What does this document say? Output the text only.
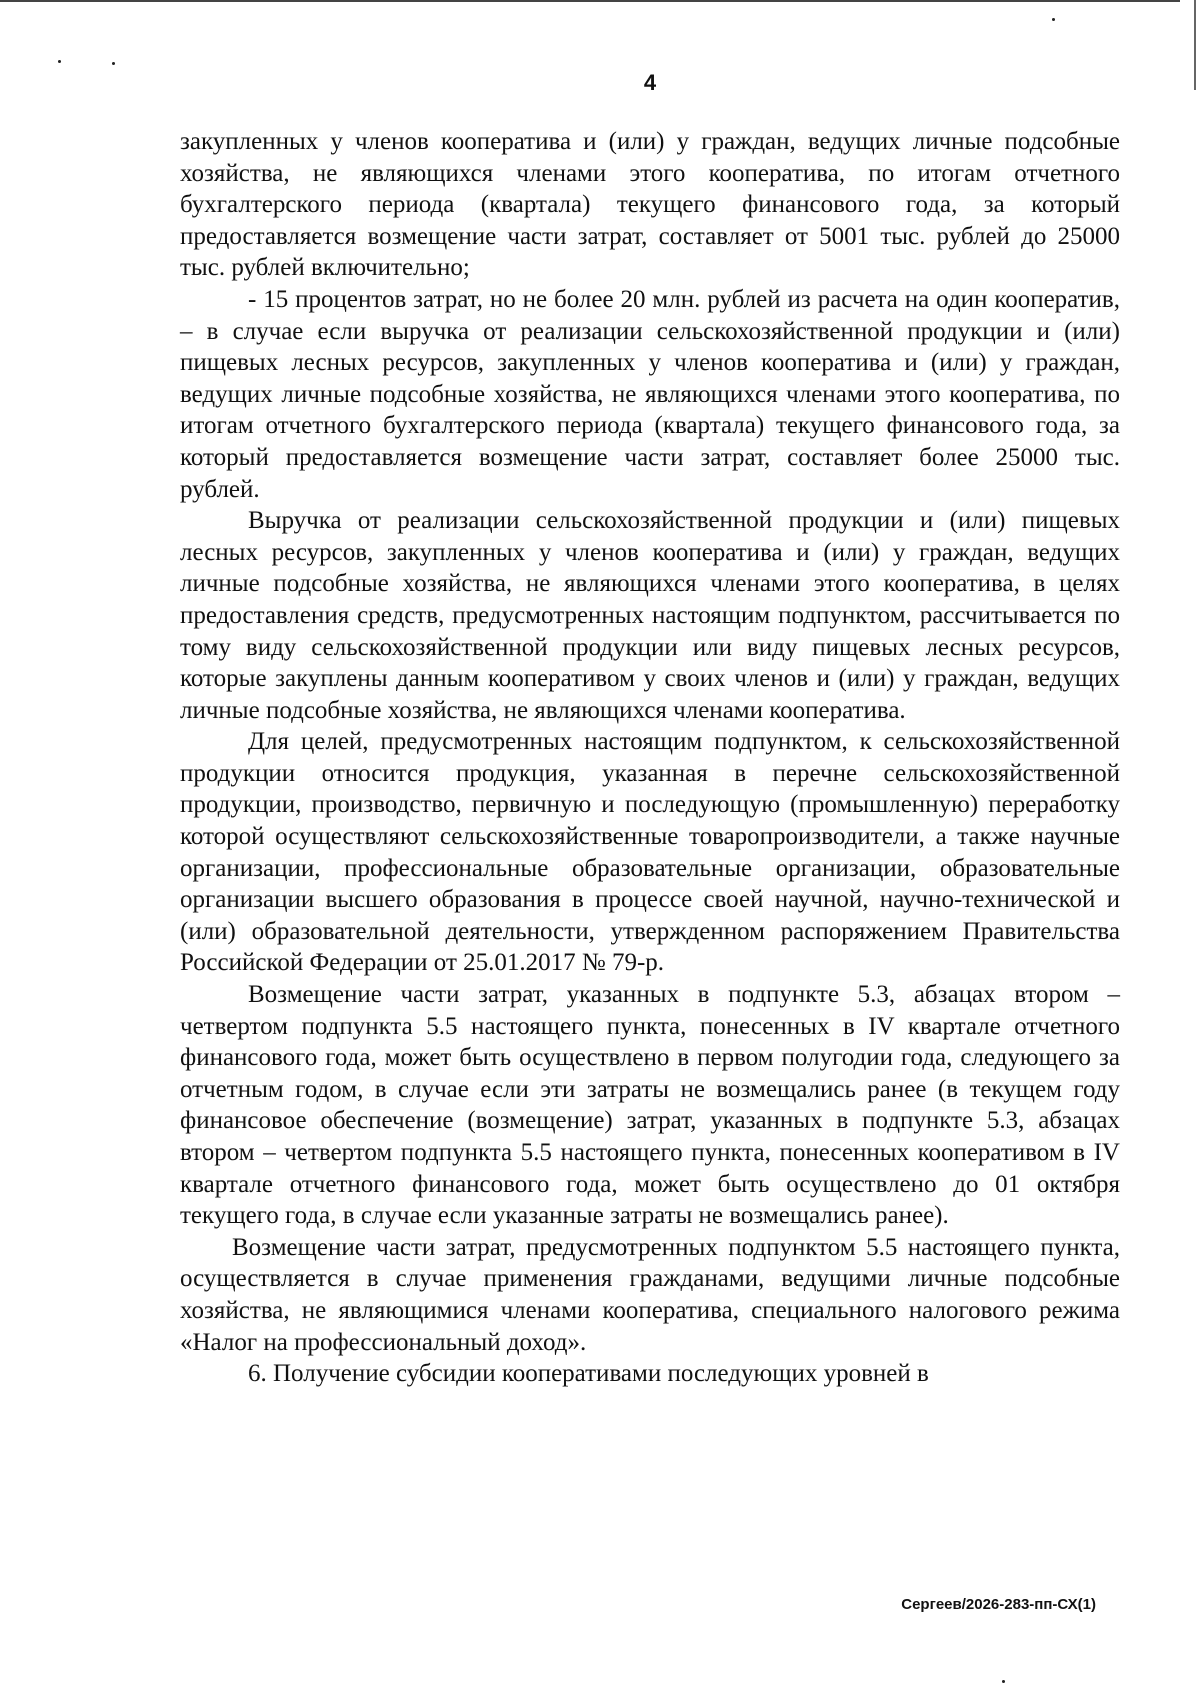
4

закупленных у членов кооператива и (или) у граждан, ведущих личные подсобные хозяйства, не являющихся членами этого кооператива, по итогам отчетного бухгалтерского периода (квартала) текущего финансового года, за который предоставляется возмещение части затрат, составляет от 5001 тыс. рублей до 25000 тыс. рублей включительно;

- 15 процентов затрат, но не более 20 млн. рублей из расчета на один кооператив, – в случае если выручка от реализации сельскохозяйственной продукции и (или) пищевых лесных ресурсов, закупленных у членов кооператива и (или) у граждан, ведущих личные подсобные хозяйства, не являющихся членами этого кооператива, по итогам отчетного бухгалтерского периода (квартала) текущего финансового года, за который предоставляется возмещение части затрат, составляет более 25000 тыс. рублей.

Выручка от реализации сельскохозяйственной продукции и (или) пищевых лесных ресурсов, закупленных у членов кооператива и (или) у граждан, ведущих личные подсобные хозяйства, не являющихся членами этого кооператива, в целях предоставления средств, предусмотренных настоящим подпунктом, рассчитывается по тому виду сельскохозяйственной продукции или виду пищевых лесных ресурсов, которые закуплены данным кооперативом у своих членов и (или) у граждан, ведущих личные подсобные хозяйства, не являющихся членами кооператива.

Для целей, предусмотренных настоящим подпунктом, к сельскохозяйственной продукции относится продукция, указанная в перечне сельскохозяйственной продукции, производство, первичную и последующую (промышленную) переработку которой осуществляют сельскохозяйственные товаропроизводители, а также научные организации, профессиональные образовательные организации, образовательные организации высшего образования в процессе своей научной, научно-технической и (или) образовательной деятельности, утвержденном распоряжением Правительства Российской Федерации от 25.01.2017 № 79-р.

Возмещение части затрат, указанных в подпункте 5.3, абзацах втором – четвертом подпункта 5.5 настоящего пункта, понесенных в IV квартале отчетного финансового года, может быть осуществлено в первом полугодии года, следующего за отчетным годом, в случае если эти затраты не возмещались ранее (в текущем году финансовое обеспечение (возмещение) затрат, указанных в подпункте 5.3, абзацах втором – четвертом подпункта 5.5 настоящего пункта, понесенных кооперативом в IV квартале отчетного финансового года, может быть осуществлено до 01 октября текущего года, в случае если указанные затраты не возмещались ранее).

Возмещение части затрат, предусмотренных подпунктом 5.5 настоящего пункта, осуществляется в случае применения гражданами, ведущими личные подсобные хозяйства, не являющимися членами кооператива, специального налогового режима «Налог на профессиональный доход».

6. Получение субсидии кооперативами последующих уровней в

Сергеев/2026-283-пп-СХ(1)
